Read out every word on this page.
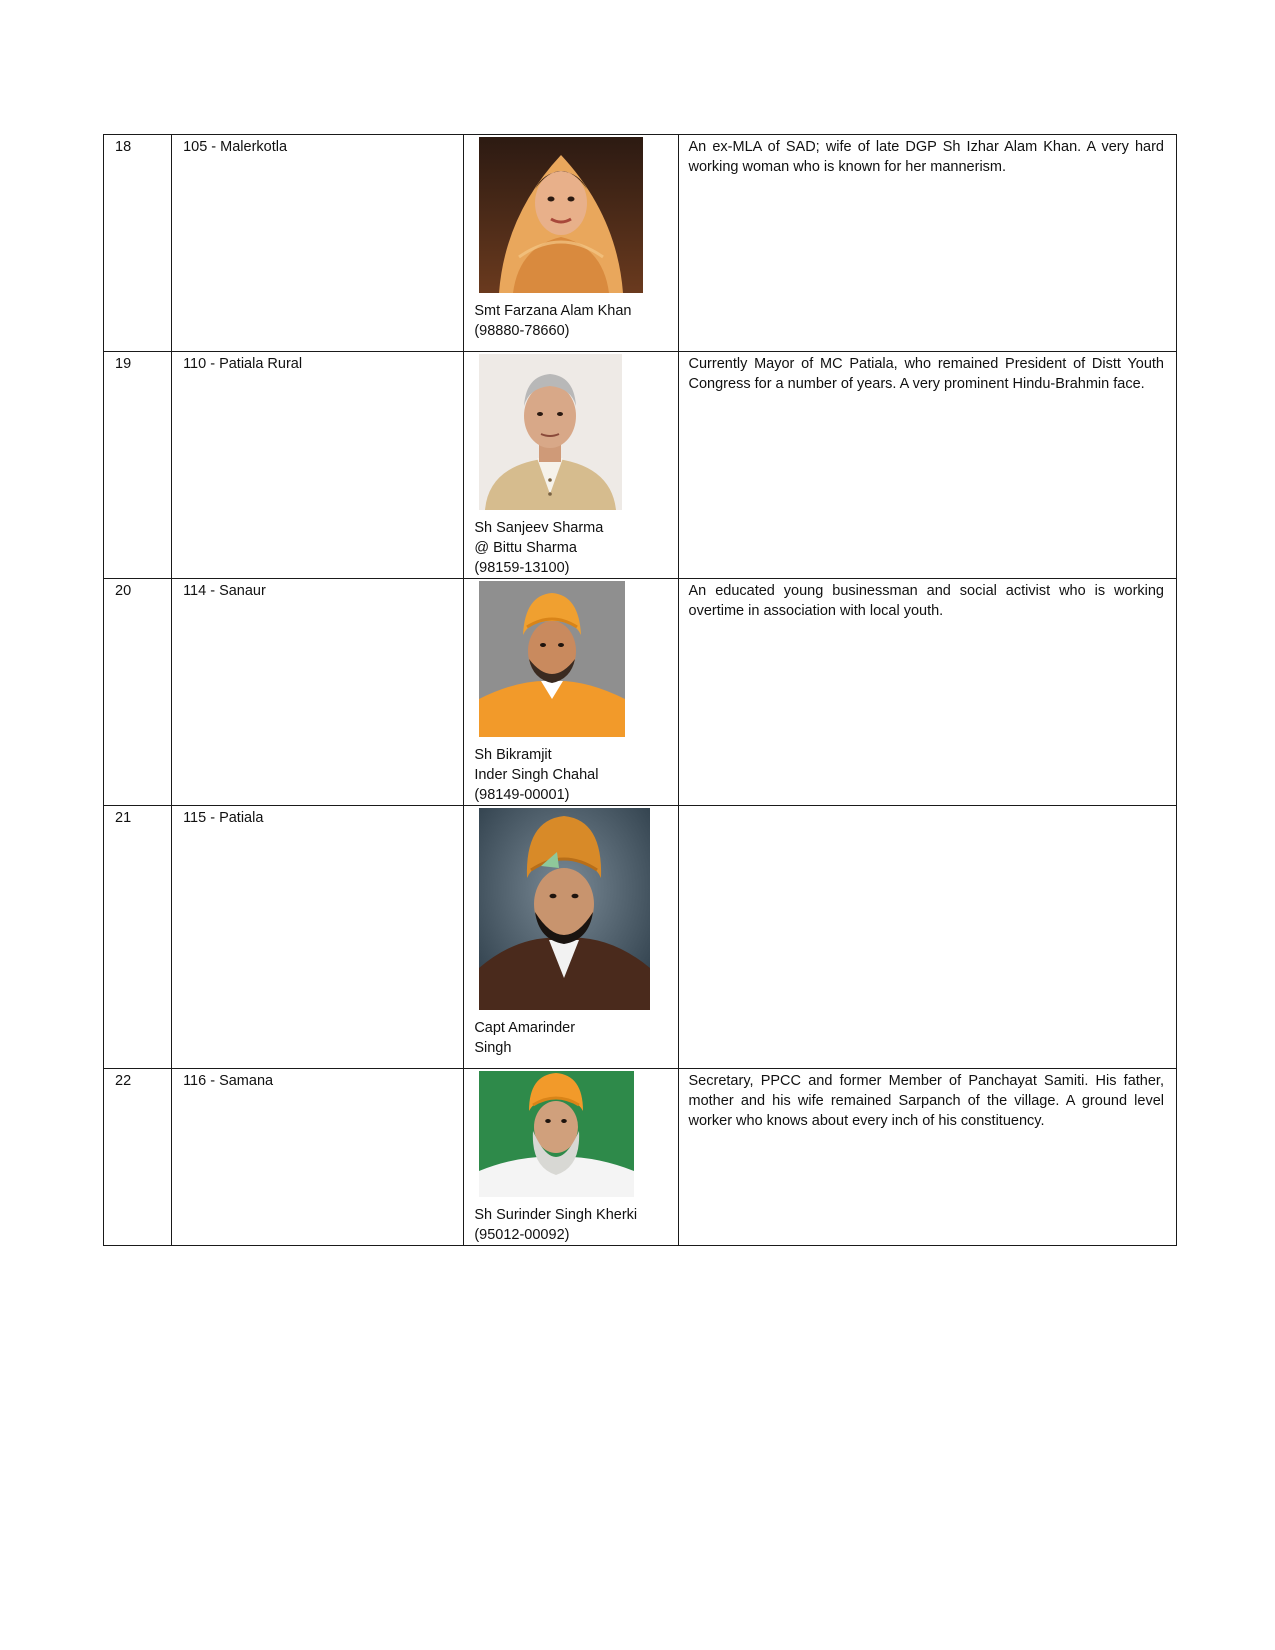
18	105 - Malerkotla	Smt Farzana Alam Khan
(98880-78660)	An ex-MLA of SAD; wife of late DGP Sh Izhar Alam Khan. A very hard working woman who is known for her mannerism.

19	110 - Patiala Rural	Sh Sanjeev Sharma
@ Bittu Sharma
(98159-13100)	Currently Mayor of MC Patiala, who remained President of Distt Youth Congress for a number of years. A very prominent Hindu-Brahmin face.

20	114 - Sanaur	Sh Bikramjit
Inder Singh Chahal
(98149-00001)	An educated young businessman and social activist who is working overtime in association with local youth.

21	115 - Patiala	Capt Amarinder
Singh	

22	116 - Samana	Sh Surinder Singh Kherki
(95012-00092)	Secretary, PPCC and former Member of Panchayat Samiti. His father, mother and his wife remained Sarpanch of the village. A ground level worker who knows about every inch of his constituency.
